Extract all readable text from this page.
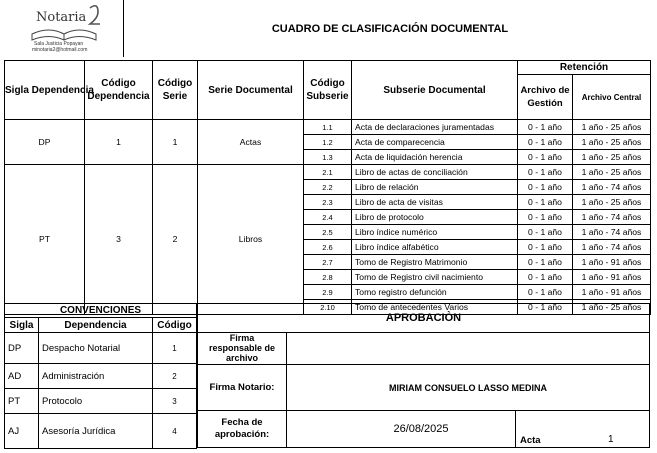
Notaria
Sala Justicia Popayan
minotaria2@hotmail.com
CUADRO DE CLASIFICACIÓN DOCUMENTAL
Sigla Dependencia	Código Dependencia	Código Serie	Serie Documental	Código Subserie	Subserie Documental	Retención	
						Archivo de Gestión	Archivo Central
DP	1	1	Actas	1.1	Acta de declaraciones juramentadas	0 - 1 año	1 año - 25 años
				1.2	Acta de comparecencia	0 - 1 año	1 año - 25 años
				1.3	Acta de liquidación herencia	0 - 1 año	1 año - 25 años
PT	3	2	Libros	2.1	Libro de actas de conciliación	0 - 1 año	1 año - 25 años
				2.2	Libro de relación	0 - 1 año	1 año - 74 años
				2.3	Libro de acta de visitas	0 - 1 año	1 año - 25 años
				2.4	Libro de protocolo	0 - 1 año	1 año - 74 años
				2.5	Libro índice numérico	0 - 1 año	1 año - 74 años
				2.6	Libro índice alfabético	0 - 1 año	1 año - 74 años
				2.7	Tomo de Registro Matrimonio	0 - 1 año	1 año - 91 años
				2.8	Tomo de Registro civil nacimiento	0 - 1 año	1 año - 91 años
				2.9	Tomo registro defunción	0 - 1 año	1 año - 91 años
				2.10	Tomo de antecedentes Varios	0 - 1 año	1 año - 25 años
CONVENCIONES		
Sigla	Dependencia	Código
DP	Despacho Notarial	1
AD	Administración	2
PT	Protocolo	3
AJ	Asesoría Jurídica	4
APROBACIÒN
Firma responsable de archivo
Firma Notario:	MIRIAM CONSUELO LASSO MEDINA
Fecha de aprobación:	26/08/2025
Acta	1
